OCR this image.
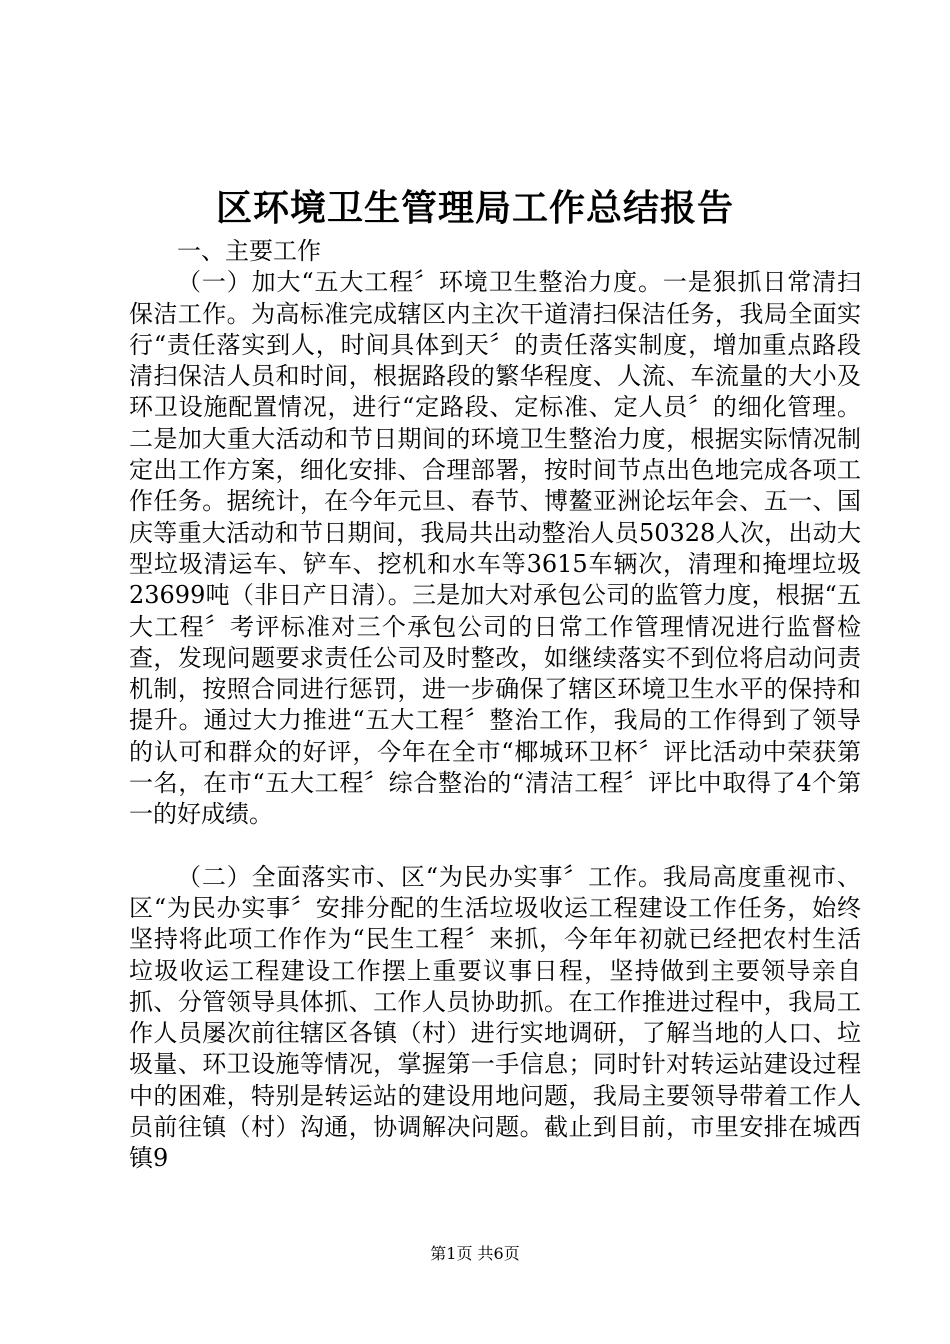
区环境卫生管理局工作总结报告

一、主要工作

（一）加大“五大工程〞环境卫生整治力度。一是狠抓日常清扫保洁工作。为高标准完成辖区内主次干道清扫保洁任务，我局全面实行“责任落实到人，时间具体到天〞的责任落实制度，增加重点路段清扫保洁人员和时间，根据路段的繁华程度、人流、车流量的大小及环卫设施配置情况，进行“定路段、定标准、定人员〞的细化管理。二是加大重大活动和节日期间的环境卫生整治力度，根据实际情况制定出工作方案，细化安排、合理部署，按时间节点出色地完成各项工作任务。据统计，在今年元旦、春节、博鳌亚洲论坛年会、五一、国庆等重大活动和节日期间，我局共出动整治人员50328人次，出动大型垃圾清运车、铲车、挖机和水车等3615车辆次，清理和掩埋垃圾23699吨（非日产日清）。三是加大对承包公司的监管力度，根据“五大工程〞考评标准对三个承包公司的日常工作管理情况进行监督检查，发现问题要求责任公司及时整改，如继续落实不到位将启动问责机制，按照合同进行惩罚，进一步确保了辖区环境卫生水平的保持和提升。通过大力推进“五大工程〞整治工作，我局的工作得到了领导的认可和群众的好评，今年在全市“椰城环卫杯〞评比活动中荣获第一名，在市“五大工程〞综合整治的“清洁工程〞评比中取得了4个第一的好成绩。

（二）全面落实市、区“为民办实事〞工作。我局高度重视市、区“为民办实事〞安排分配的生活垃圾收运工程建设工作任务，始终坚持将此项工作作为“民生工程〞来抓，今年年初就已经把农村生活垃圾收运工程建设工作摆上重要议事日程，坚持做到主要领导亲自抓、分管领导具体抓、工作人员协助抓。在工作推进过程中，我局工作人员屡次前往辖区各镇（村）进行实地调研，了解当地的人口、垃圾量、环卫设施等情况，掌握第一手信息；同时针对转运站建设过程中的困难，特别是转运站的建设用地问题，我局主要领导带着工作人员前往镇（村）沟通，协调解决问题。截止到目前，市里安排在城西镇9

第1页 共6页
